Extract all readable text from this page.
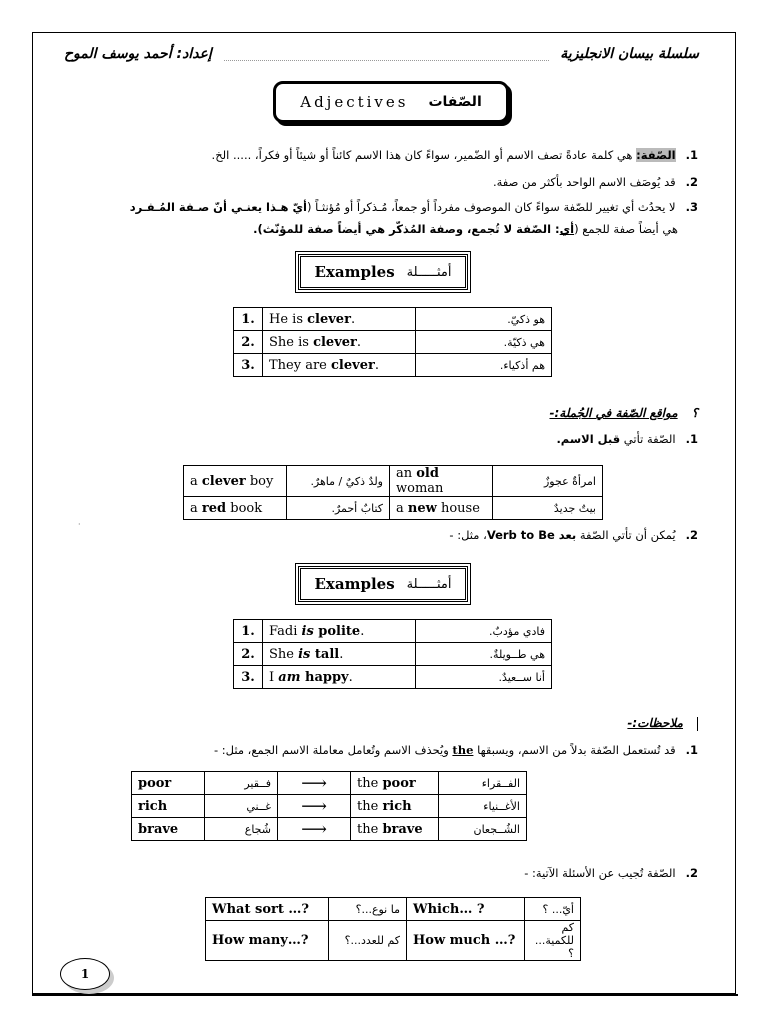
إعداد: أحمد يوسف الموح	سلسلة بيسان الانجليزية
Adjectives الصّفات
1.الصّفة: هي كلمة عادةً تصف الاسم أو الضّمير، سواءً كان هذا الاسم كائناً أو شيئاً أو فكراً، ..... الخ.
2.قد يُوصَف الاسم الواحد بأكثر من صفة.
3.لا يحدُث أي تغيير للصّفة سواءً كان الموصوف مفرداً أو جمعاً، مُـذكراً أو مُؤنثـاً (أيّ هـذا يعنـي أنّ صـفة المُـفـرد
هي أيضاً صفة للجمع (أي: الصّفة لا تُجمع، وصفة المُذكّر هي أيضاً صفة للمؤنّث).
Examples أمثـــــلة
1.	He is clever.	هو ذكيّ.
2.	She is clever.	هي ذكيّة.
3.	They are clever.	هم أذكياء.
؟مواقع الصّفة في الجُملة:-
1.الصّفة تأتي قبل الاسم.
a clever boy	ولدٌ ذكيٌ / ماهرٌ.	an old woman	امرأةٌ عجوزٌ
a red book	كتابٌ أحمرٌ.	a new house	بيتٌ جديدٌ
·
2.يُمكن أن تأتي الصّفة بعد Verb to Be، مثل: -
Examples أمثـــــلة
1.	Fadi is polite.	فادي مؤدبٌ.
2.	She is tall.	هي طــويلةٌ.
3.	I am happy.	أنا ســعيدٌ.
ملاحظات:-
1.قد تُستعمل الصّفة بدلاً من الاسم، ويسبقها the ويُحذف الاسم وتُعامل معاملة الاسم الجمع، مثل: -
poor	فــقير	⟶	the poor	الفــقراء
rich	غــني	⟶	the rich	الأغــنياء
brave	شُجاع	⟶	the brave	الشُــجعان
2.الصّفة تُجيب عن الأسئلة الآتية: -
What sort …?	ما نوع...؟	Which… ?	أيّ... ؟
How many…?	كم للعدد...؟	How much …?	كم للكمية... ؟
1
